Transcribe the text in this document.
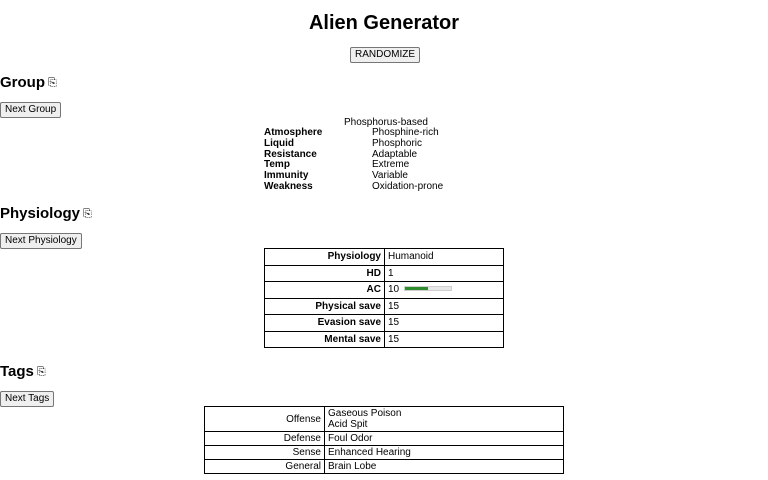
Alien Generator
RANDOMIZE
Group ⎘
Next Group
Phosphorus-based
Atmosphere	Phosphine-rich
Liquid	Phosphoric
Resistance	Adaptable
Temp	Extreme
Immunity	Variable
Weakness	Oxidation-prone
Physiology ⎘
Next Physiology
Physiology	Humanoid
HD	1
AC	10

Physical save	15
Evasion save	15
Mental save	15
Tags ⎘
Next Tags
Offense	Gaseous Poison
Acid Spit

Defense	Foul Odor

Sense	Enhanced Hearing

General	Brain Lobe
